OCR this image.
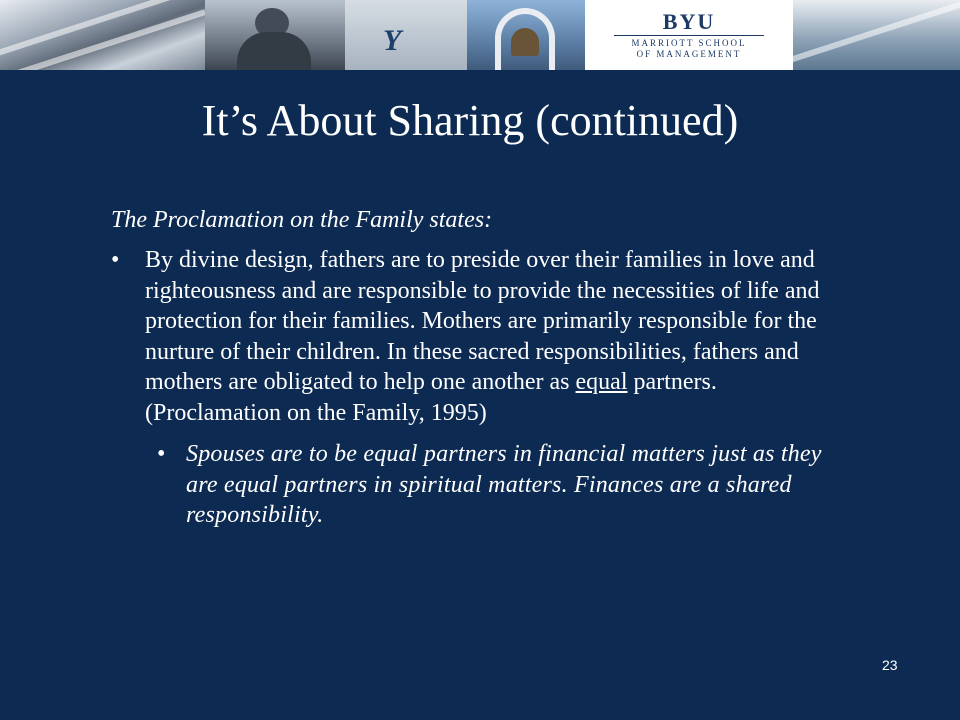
Y
BYU
MARRIOTT SCHOOL
OF MANAGEMENT
It’s About Sharing (continued)

The Proclamation on the Family states:

•	By divine design, fathers are to preside over their families in love and righteousness and are responsible to provide the necessities of life and protection for their families. Mothers are primarily responsible for the nurture of their children. In these sacred responsibilities, fathers and mothers are obligated to help one another as equal partners. (Proclamation on the Family, 1995)
• Spouses are to be equal partners in financial matters just as they are equal partners in spiritual matters. Finances are a shared responsibility.
23
